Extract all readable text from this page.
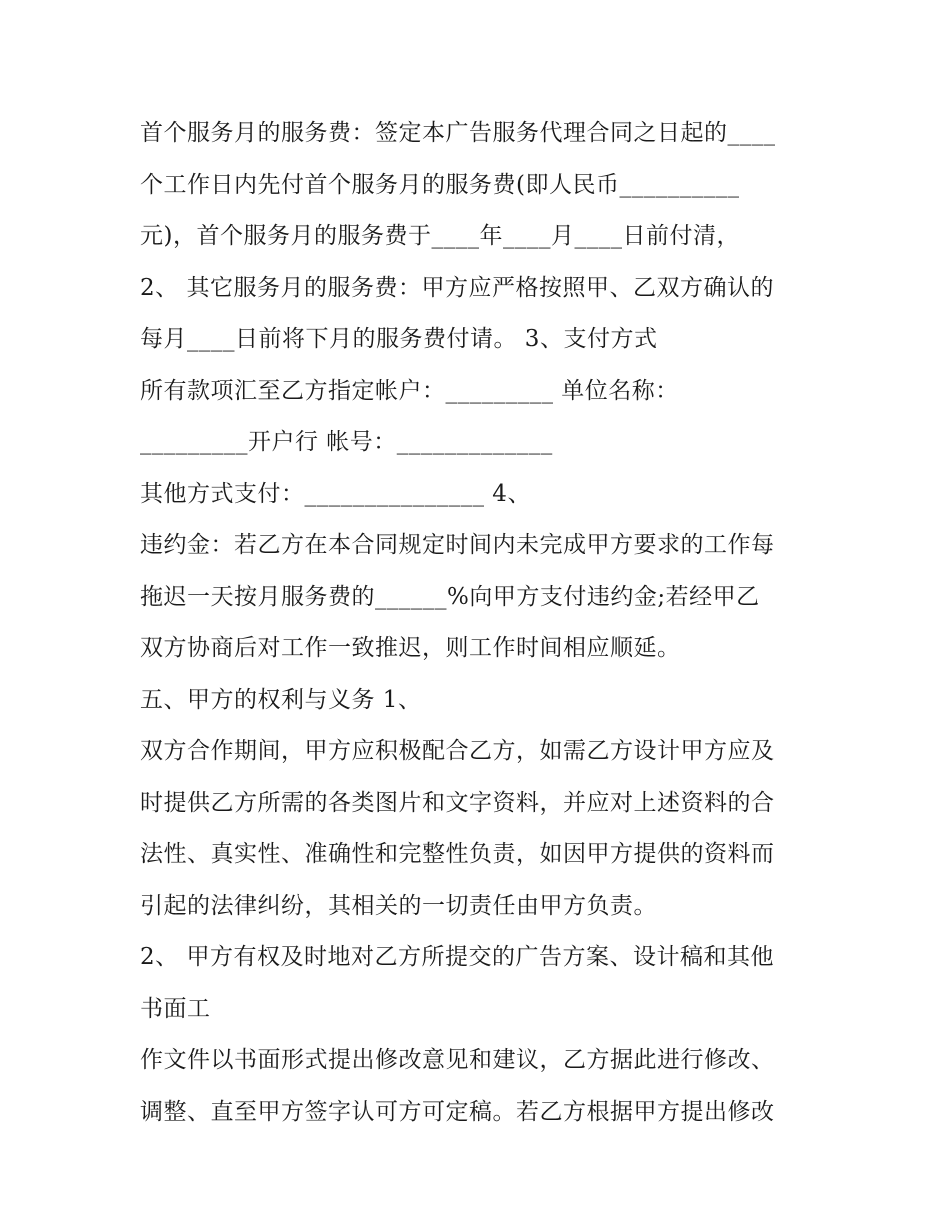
首个服务月的服务费：签定本广告服务代理合同之日起的____
个工作日内先付首个服务月的服务费(即人民币__________
元)，首个服务月的服务费于____年____月____日前付清，
2、 其它服务月的服务费：甲方应严格按照甲、乙双方确认的
每月____日前将下月的服务费付请。 3、支付方式
所有款项汇至乙方指定帐户：_________ 单位名称：
_________开户行 帐号：_____________
其他方式支付：_______________ 4、
违约金：若乙方在本合同规定时间内未完成甲方要求的工作每
拖迟一天按月服务费的______%向甲方支付违约金;若经甲乙
双方协商后对工作一致推迟，则工作时间相应顺延。
五、甲方的权利与义务 1、
双方合作期间，甲方应积极配合乙方，如需乙方设计甲方应及
时提供乙方所需的各类图片和文字资料，并应对上述资料的合
法性、真实性、准确性和完整性负责，如因甲方提供的资料而
引起的法律纠纷，其相关的一切责任由甲方负责。
2、 甲方有权及时地对乙方所提交的广告方案、设计稿和其他
书面工
作文件以书面形式提出修改意见和建议，乙方据此进行修改、
调整、直至甲方签字认可方可定稿。若乙方根据甲方提出修改
